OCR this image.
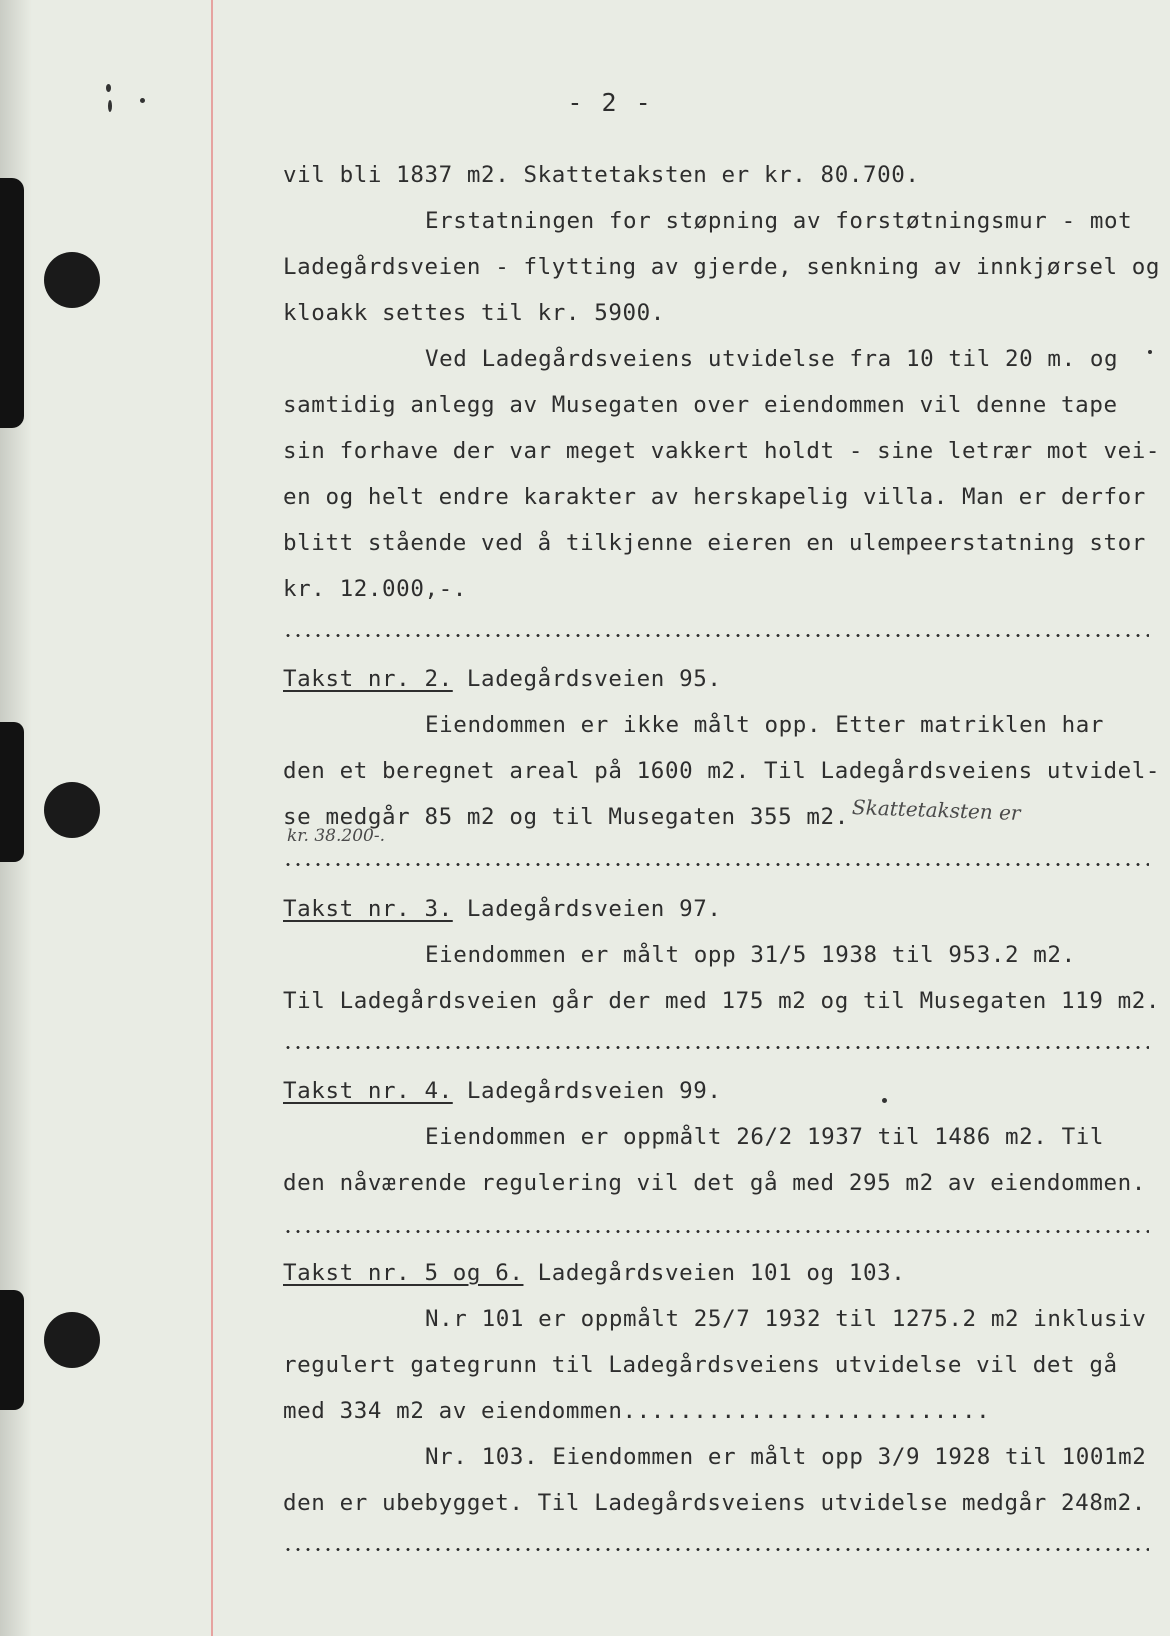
- 2 -
vil bli 1837 m2. Skattetaksten er kr. 80.700.
Erstatningen for støpning av forstøtningsmur - mot
Ladegårdsveien - flytting av gjerde, senkning av innkjørsel og
kloakk settes til kr. 5900.
Ved Ladegårdsveiens utvidelse fra 10 til 20 m. og
samtidig anlegg av Musegaten over eiendommen vil denne tape
sin forhave der var meget vakkert holdt - sine letrær mot vei-
en og helt endre karakter av herskapelig villa. Man er derfor
blitt stående ved å tilkjenne eieren en ulempeerstatning stor
kr. 12.000,-.
Takst nr. 2. Ladegårdsveien 95.
Eiendommen er ikke målt opp. Etter matriklen har
den et beregnet areal på 1600 m2. Til Ladegårdsveiens utvidel-
se medgår 85 m2 og til Musegaten 355 m2. Skattetaksten er
kr. 38.200-.
Takst nr. 3. Ladegårdsveien 97.
Eiendommen er målt opp 31/5 1938 til 953.2 m2.
Til Ladegårdsveien går der med 175 m2 og til Musegaten 119 m2.
Takst nr. 4. Ladegårdsveien 99.
Eiendommen er oppmålt 26/2 1937 til 1486 m2. Til
den nåværende regulering vil det gå med 295 m2 av eiendommen.
Takst nr. 5 og 6. Ladegårdsveien 101 og 103.
N.r 101 er oppmålt 25/7 1932 til 1275.2 m2 inklusiv
regulert gategrunn til Ladegårdsveiens utvidelse vil det gå
med 334 m2 av eiendommen..........................
Nr. 103. Eiendommen er målt opp 3/9 1928 til 1001m2
den er ubebygget. Til Ladegårdsveiens utvidelse medgår 248m2.
